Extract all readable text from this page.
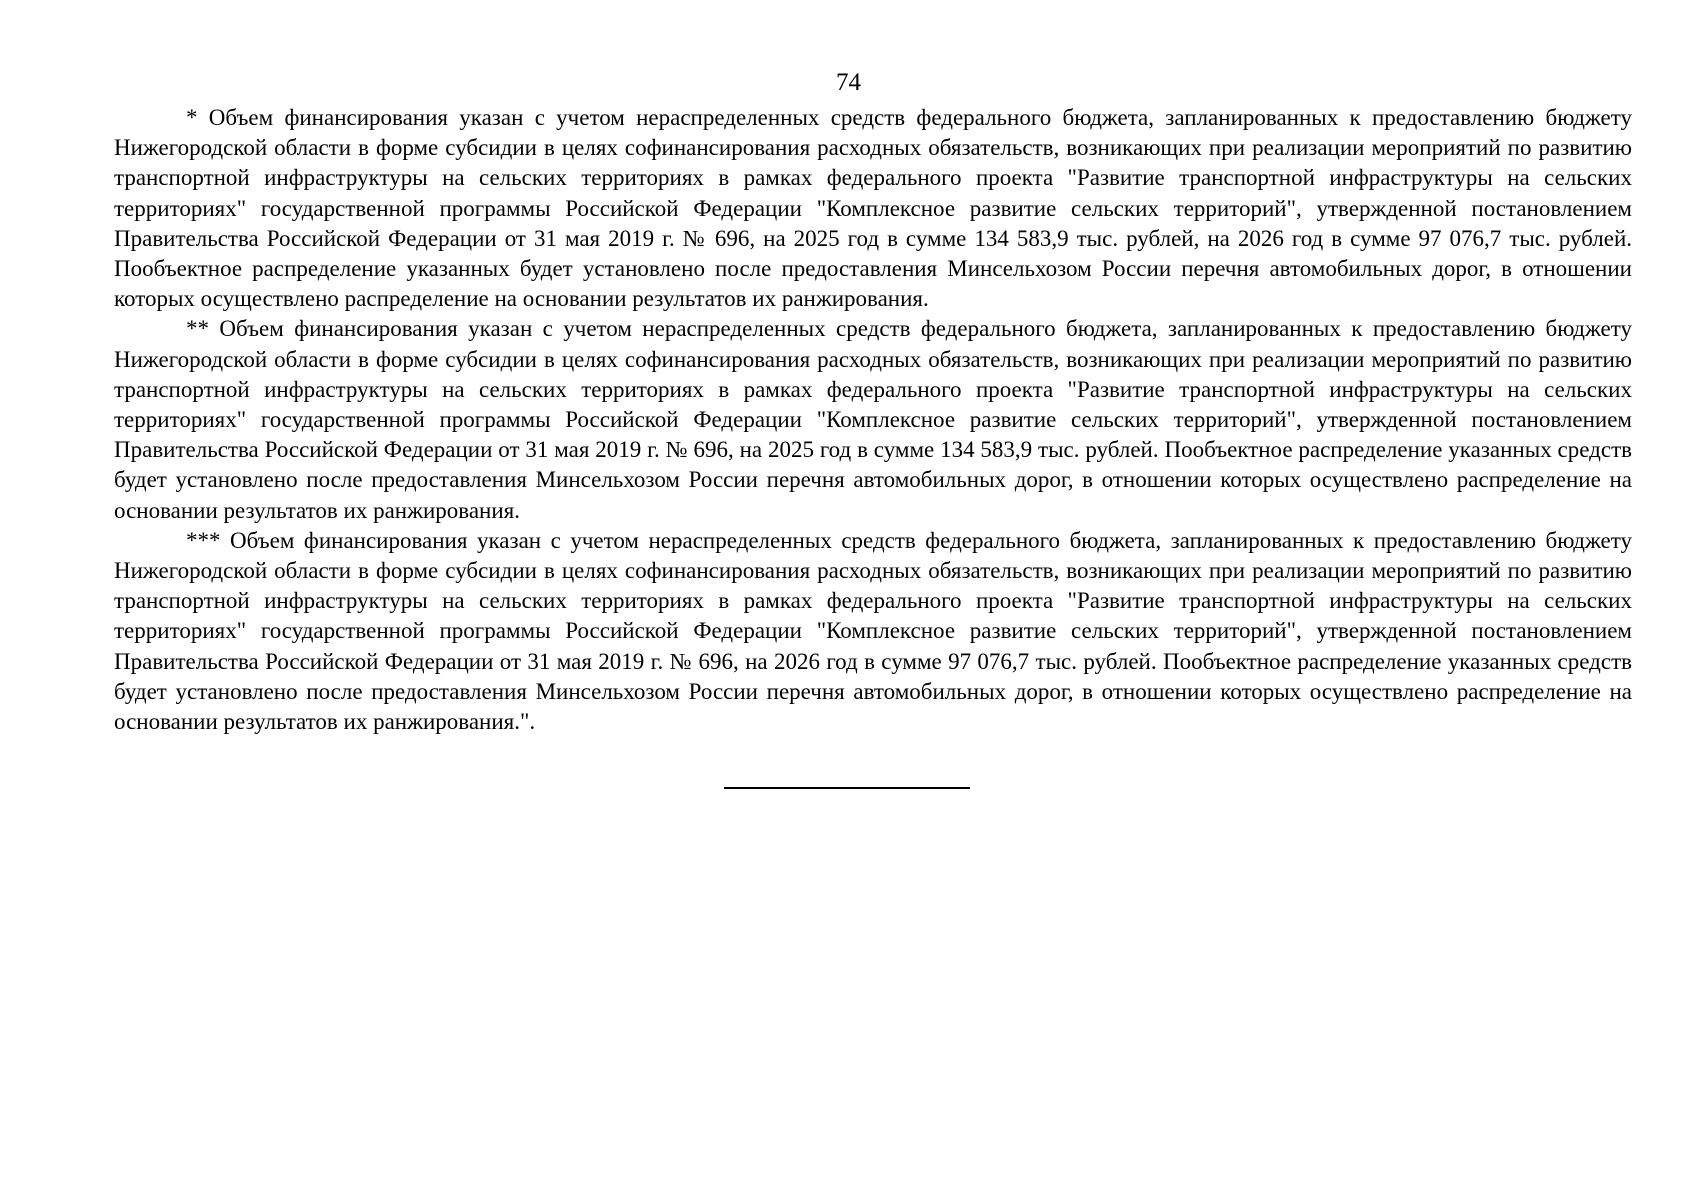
74

* Объем финансирования указан с учетом нераспределенных средств федерального бюджета, запланированных к предоставлению бюджету Нижегородской области в форме субсидии в целях софинансирования расходных обязательств, возникающих при реализации мероприятий по развитию транспортной инфраструктуры на сельских территориях в рамках федерального проекта "Развитие транспортной инфраструктуры на сельских территориях" государственной программы Российской Федерации "Комплексное развитие сельских территорий", утвержденной постановлением Правительства Российской Федерации от 31 мая 2019 г. № 696, на 2025 год в сумме 134 583,9 тыс. рублей, на 2026 год в сумме 97 076,7 тыс. рублей. Пообъектное распределение указанных будет установлено после предоставления Минсельхозом России перечня автомобильных дорог, в отношении которых осуществлено распределение на основании результатов их ранжирования.

** Объем финансирования указан с учетом нераспределенных средств федерального бюджета, запланированных к предоставлению бюджету Нижегородской области в форме субсидии в целях софинансирования расходных обязательств, возникающих при реализации мероприятий по развитию транспортной инфраструктуры на сельских территориях в рамках федерального проекта "Развитие транспортной инфраструктуры на сельских территориях" государственной программы Российской Федерации "Комплексное развитие сельских территорий", утвержденной постановлением Правительства Российской Федерации от 31 мая 2019 г. № 696, на 2025 год в сумме 134 583,9 тыс. рублей. Пообъектное распределение указанных средств будет установлено после предоставления Минсельхозом России перечня автомобильных дорог, в отношении которых осуществлено распределение на основании результатов их ранжирования.

*** Объем финансирования указан с учетом нераспределенных средств федерального бюджета, запланированных к предоставлению бюджету Нижегородской области в форме субсидии в целях софинансирования расходных обязательств, возникающих при реализации мероприятий по развитию транспортной инфраструктуры на сельских территориях в рамках федерального проекта "Развитие транспортной инфраструктуры на сельских территориях" государственной программы Российской Федерации "Комплексное развитие сельских территорий", утвержденной постановлением Правительства Российской Федерации от 31 мая 2019 г. № 696, на 2026 год в сумме 97 076,7 тыс. рублей. Пообъектное распределение указанных средств будет установлено после предоставления Минсельхозом России перечня автомобильных дорог, в отношении которых осуществлено распределение на основании результатов их ранжирования.".
